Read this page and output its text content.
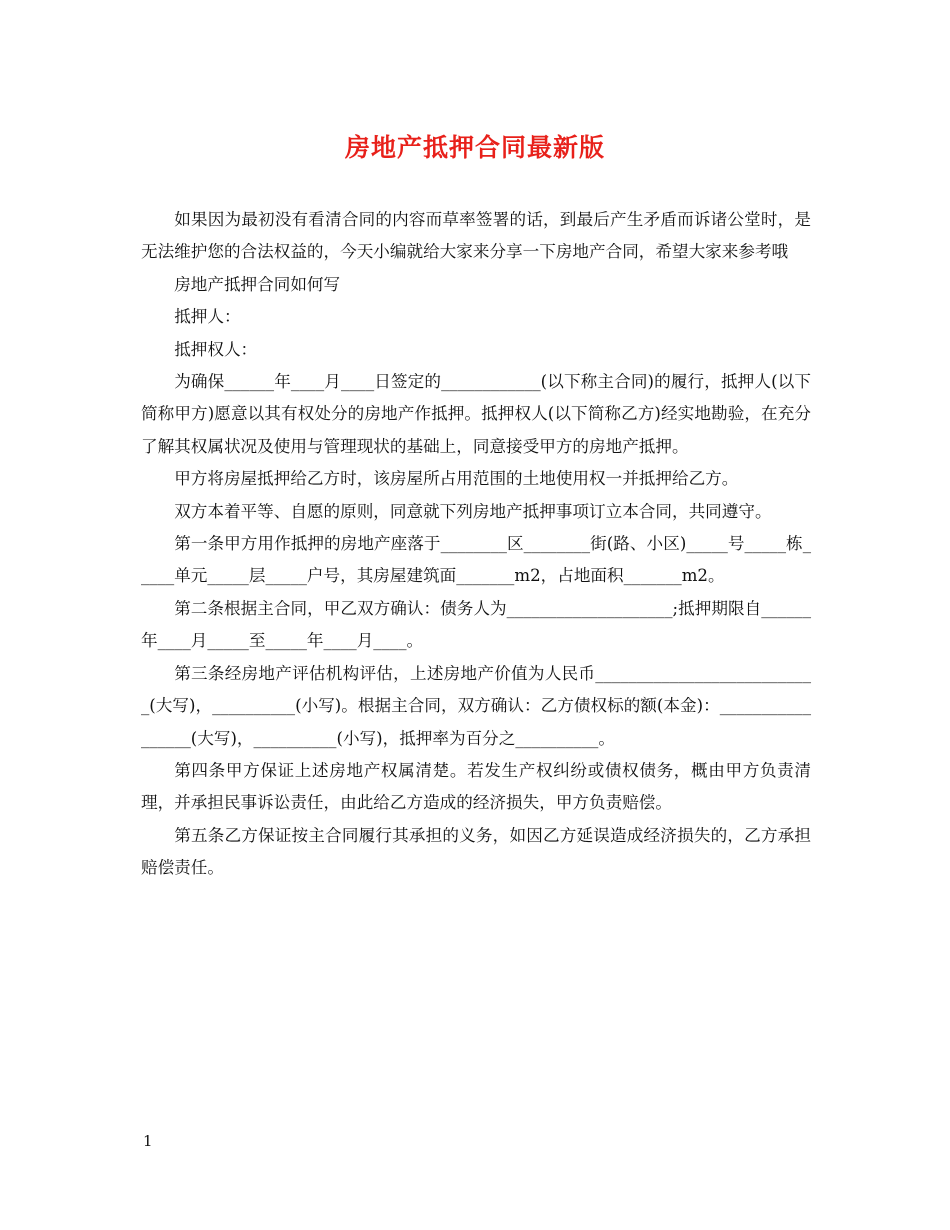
房地产抵押合同最新版

如果因为最初没有看清合同的内容而草率签署的话，到最后产生矛盾而诉诸公堂时，是无法维护您的合法权益的，今天小编就给大家来分享一下房地产合同，希望大家来参考哦

房地产抵押合同如何写

抵押人：

抵押权人：

为确保______年____月____日签定的____________(以下称主合同)的履行，抵押人(以下简称甲方)愿意以其有权处分的房地产作抵押。抵押权人(以下简称乙方)经实地勘验，在充分了解其权属状况及使用与管理现状的基础上，同意接受甲方的房地产抵押。

甲方将房屋抵押给乙方时，该房屋所占用范围的土地使用权一并抵押给乙方。

双方本着平等、自愿的原则，同意就下列房地产抵押事项订立本合同，共同遵守。

第一条甲方用作抵押的房地产座落于________区________街(路、小区)_____号_____栋_____单元_____层_____户号，其房屋建筑面_______m2，占地面积_______m2。

第二条根据主合同，甲乙双方确认：债务人为____________________;抵押期限自______年____月_____至_____年____月____。

第三条经房地产评估机构评估，上述房地产价值为人民币___________________________(大写)，__________(小写)。根据主合同，双方确认：乙方债权标的额(本金)：_________________(大写)，__________(小写)，抵押率为百分之__________。

第四条甲方保证上述房地产权属清楚。若发生产权纠纷或债权债务，概由甲方负责清理，并承担民事诉讼责任，由此给乙方造成的经济损失，甲方负责赔偿。

第五条乙方保证按主合同履行其承担的义务，如因乙方延误造成经济损失的，乙方承担赔偿责任。

1
